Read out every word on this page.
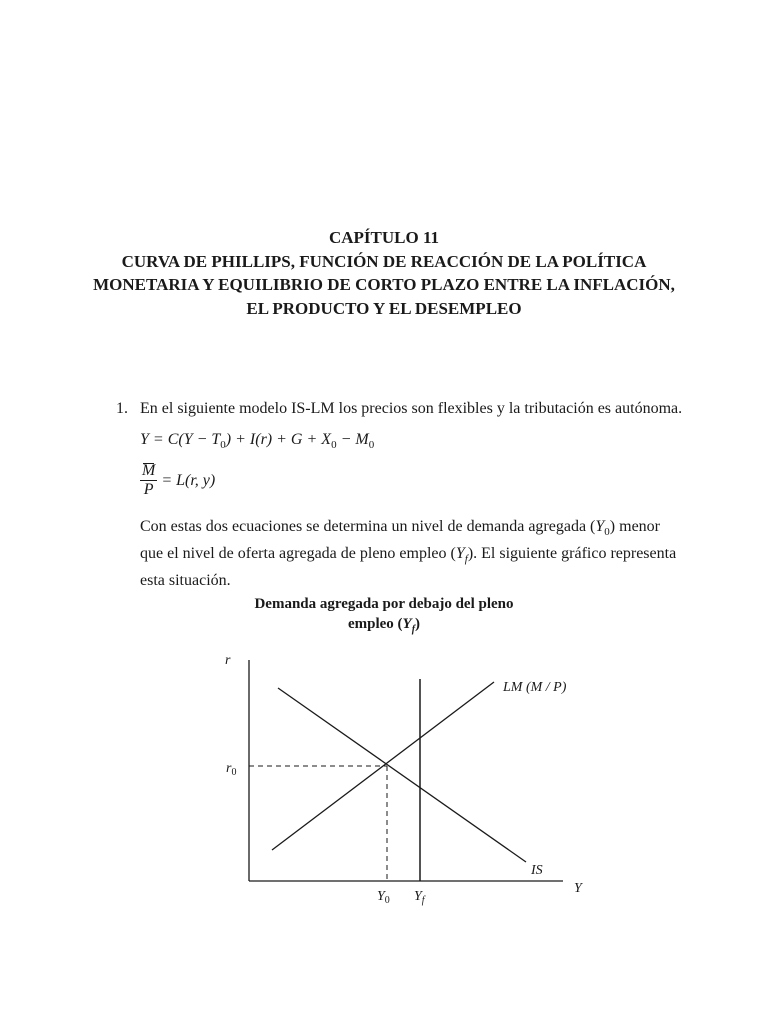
CAPÍTULO 11
CURVA DE PHILLIPS, FUNCIÓN DE REACCIÓN DE LA POLÍTICA
MONETARIA Y EQUILIBRIO DE CORTO PLAZO ENTRE LA INFLACIÓN,
EL PRODUCTO Y EL DESEMPLEO
1. En el siguiente modelo IS-LM los precios son flexibles y la tributación es autónoma.
$Y = C(Y - T_0) + I(r) + G + X_0 - M_0$
$\frac{M}{P} = L(r$, y)
Con estas dos ecuaciones se determina un nivel de demanda agregada $(Y_0)$ menor
que el nivel de oferta agregada de pleno empleo $(Y_f)$. El siguiente gráfico representa
esta situación.
Demanda agregada por debajo del pleno
empleo $(Y_f)$
r
$r_0$
Y
$Y_0$ $Y_f$
LM (M / P)
IS
